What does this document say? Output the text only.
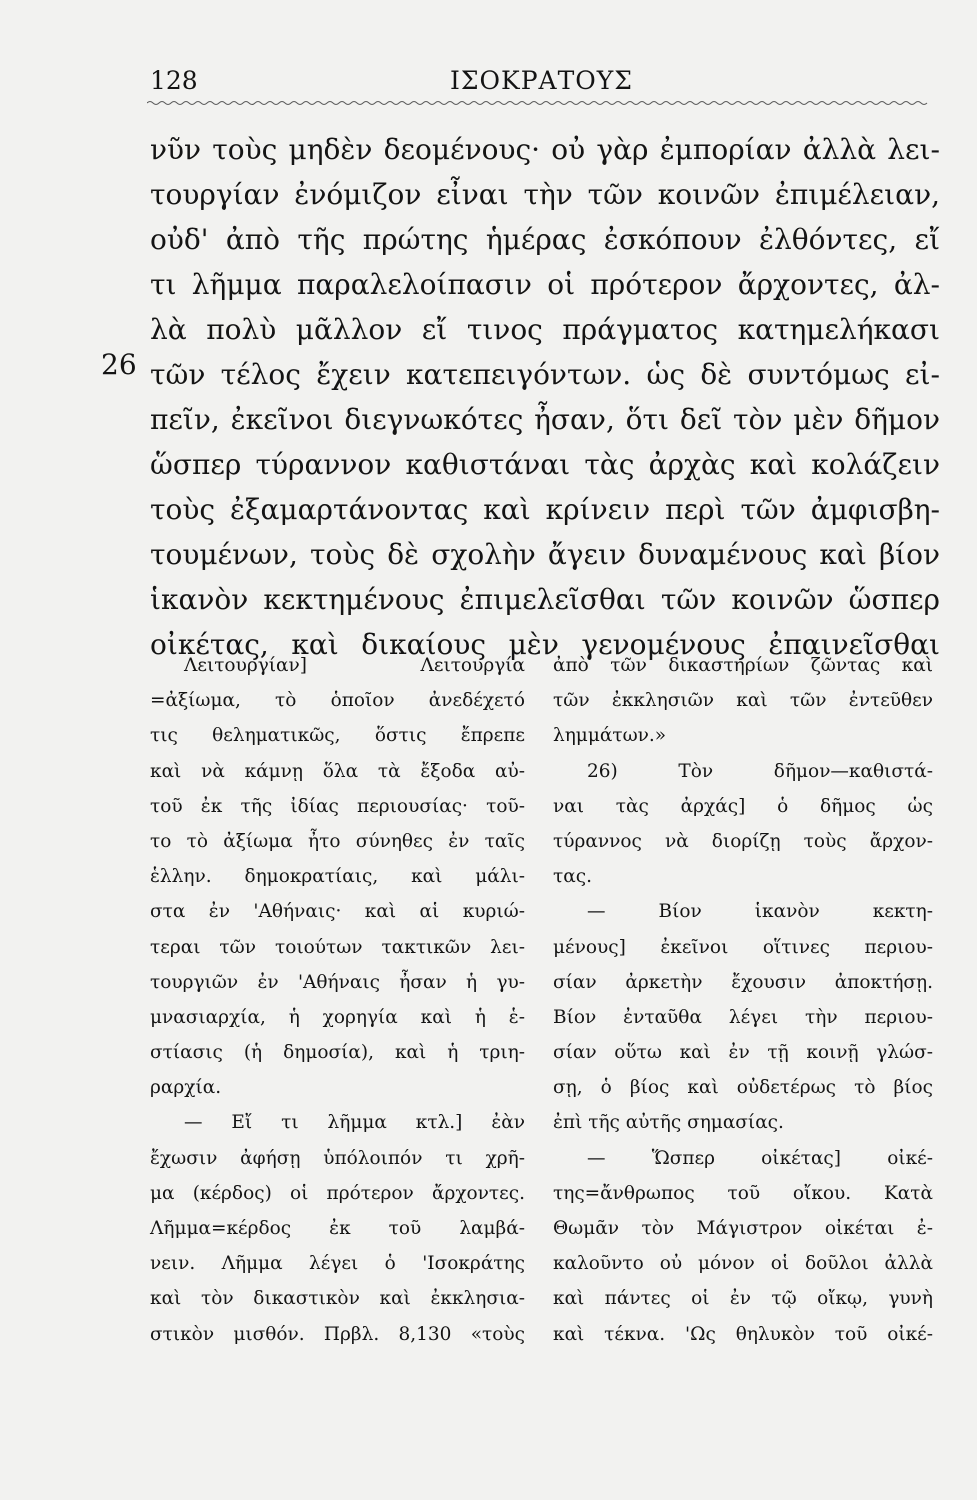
128	ΙΣΟΚΡΑΤΟΥΣ
26
νῦν τοὺς μηδὲν δεομένους· οὐ γὰρ ἐμπορίαν ἀλλὰ λει-
τουργίαν ἐνόμιζον εἶναι τὴν τῶν κοινῶν ἐπιμέλειαν,
οὐδ' ἀπὸ τῆς πρώτης ἡμέρας ἐσκόπουν ἐλθόντες, εἴ
τι λῆμμα παραλελοίπασιν οἱ πρότερον ἄρχοντες, ἀλ-
λὰ πολὺ μᾶλλον εἴ τινος πράγματος κατημελήκασι
τῶν τέλος ἔχειν κατεπειγόντων. ὡς δὲ συντόμως εἰ-
πεῖν, ἐκεῖνοι διεγνωκότες ἦσαν, ὅτι δεῖ τὸν μὲν δῆμον
ὥσπερ τύραννον καθιστάναι τὰς ἀρχὰς καὶ κολάζειν
τοὺς ἐξαμαρτάνοντας καὶ κρίνειν περὶ τῶν ἀμφισβη-
τουμένων, τοὺς δὲ σχολὴν ἄγειν δυναμένους καὶ βίον
ἱκανὸν κεκτημένους ἐπιμελεῖσθαι τῶν κοινῶν ὥσπερ
οἰκέτας, καὶ δικαίους μὲν γενομένους ἐπαινεῖσθαι
Λειτουργίαν] Λειτουργία
=ἀξίωμα, τὸ ὁποῖον ἀνεδέχετό
τις θεληματικῶς, ὅστις ἔπρεπε
καὶ νὰ κάμνῃ ὅλα τὰ ἔξοδα αὐ-
τοῦ ἐκ τῆς ἰδίας περιουσίας· τοῦ-
το τὸ ἀξίωμα ἦτο σύνηθες ἐν ταῖς
ἑλλην. δημοκρατίαις, καὶ μάλι-
στα ἐν 'Αθήναις· καὶ αἱ κυριώ-
τεραι τῶν τοιούτων τακτικῶν λει-
τουργιῶν ἐν 'Αθήναις ἦσαν ἡ γυ-
μνασιαρχία, ἡ χορηγία καὶ ἡ ἑ-
στίασις (ἡ δημοσία), καὶ ἡ τριη-
ραρχία.
— Εἴ τι λῆμμα κτλ.] ἐὰν
ἔχωσιν ἀφήσῃ ὑπόλοιπόν τι χρῆ-
μα (κέρδος) οἱ πρότερον ἄρχοντες.
Λῆμμα=κέρδος ἐκ τοῦ λαμβά-
νειν. Λῆμμα λέγει ὁ 'Ισοκράτης
καὶ τὸν δικαστικὸν καὶ ἐκκλησια-
στικὸν μισθόν. Πρβλ. 8,130 «τοὺς
ἀπὸ τῶν δικαστηρίων ζῶντας καὶ
τῶν ἐκκλησιῶν καὶ τῶν ἐντεῦθεν
λημμάτων.»
26) Τὸν δῆμον—καθιστά-
ναι τὰς ἀρχάς] ὁ δῆμος ὡς
τύραννος νὰ διορίζῃ τοὺς ἄρχον-
τας.
— Βίον ἱκανὸν κεκτη-
μένους] ἐκεῖνοι οἵτινες περιου-
σίαν ἀρκετὴν ἔχουσιν ἀποκτήσῃ.
Βίον ἐνταῦθα λέγει τὴν περιου-
σίαν οὕτω καὶ ἐν τῇ κοινῇ γλώσ-
σῃ, ὁ βίος καὶ οὐδετέρως τὸ βίος
ἐπὶ τῆς αὐτῆς σημασίας.
— Ὥσπερ οἰκέτας] οἰκέ-
της=ἄνθρωπος τοῦ οἴκου. Κατὰ
Θωμᾶν τὸν Μάγιστρον οἰκέται ἐ-
καλοῦντο οὐ μόνον οἱ δοῦλοι ἀλλὰ
καὶ πάντες οἱ ἐν τῷ οἴκῳ, γυνὴ
καὶ τέκνα. 'Ως θηλυκὸν τοῦ οἰκέ-
